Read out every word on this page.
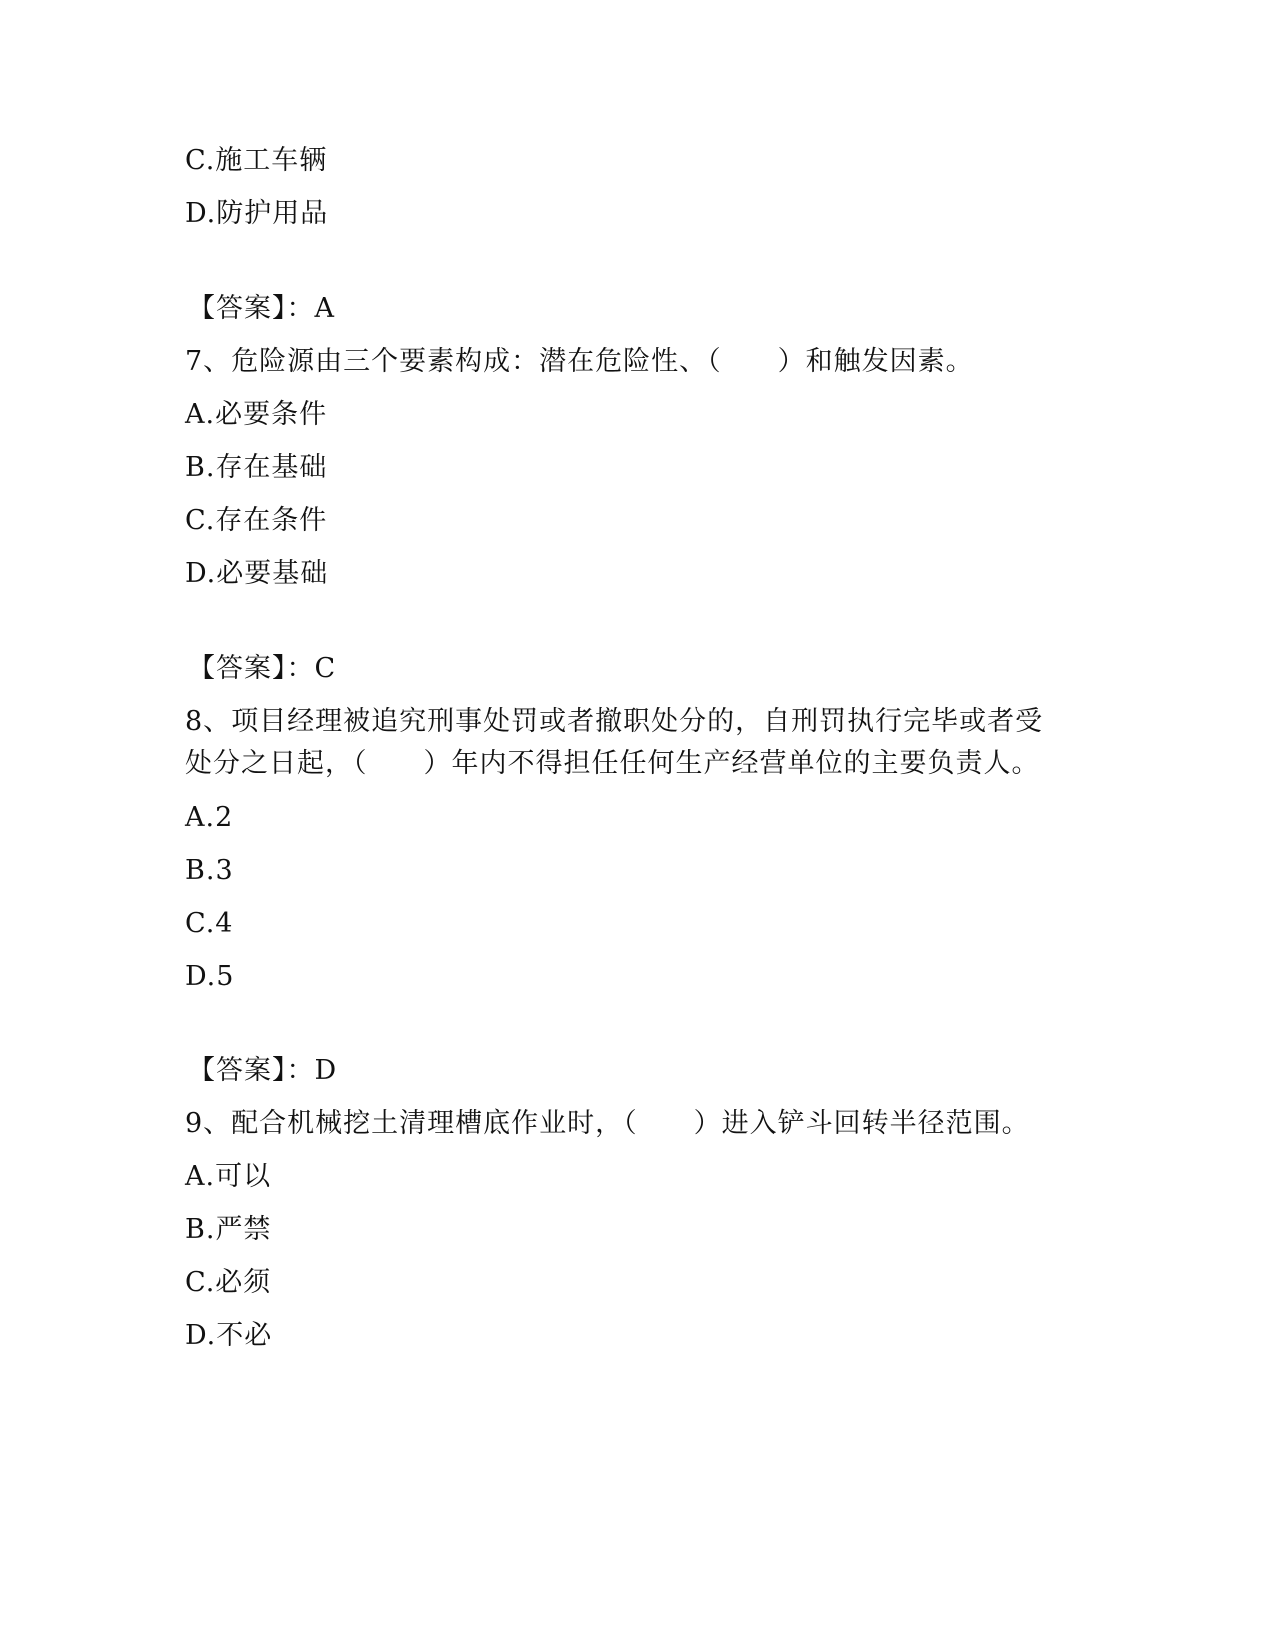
C.施工车辆
D.防护用品
【答案】：A
7、危险源由三个要素构成：潜在危险性、（　　）和触发因素。
A.必要条件
B.存在基础
C.存在条件
D.必要基础
【答案】：C
8、项目经理被追究刑事处罚或者撤职处分的，自刑罚执行完毕或者受
处分之日起，（　　）年内不得担任任何生产经营单位的主要负责人。
A.2
B.3
C.4
D.5
【答案】：D
9、配合机械挖土清理槽底作业时，（　　）进入铲斗回转半径范围。
A.可以
B.严禁
C.必须
D.不必
